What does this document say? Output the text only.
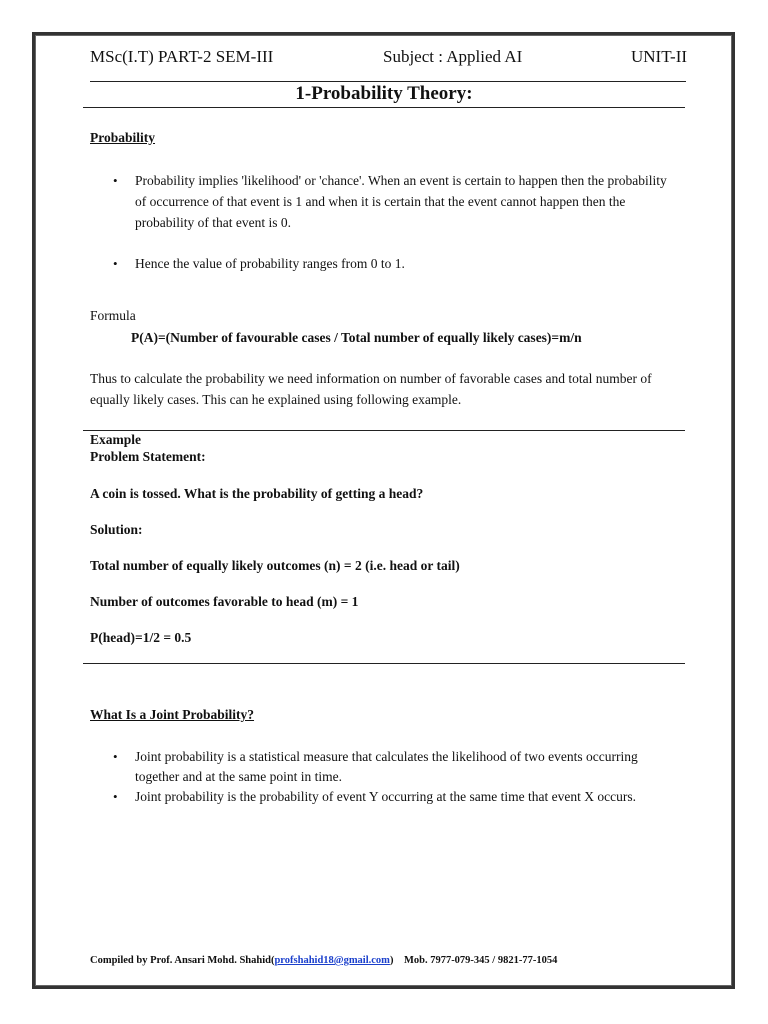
MSc(I.T) PART-2 SEM-III	Subject : Applied AI	UNIT-II
1-Probability Theory:
Probability
• Probability implies 'likelihood' or 'chance'. When an event is certain to happen then the probability of occurrence of that event is 1 and when it is certain that the event cannot happen then the probability of that event is 0.
• Hence the value of probability ranges from 0 to 1.
Formula
P(A)=(Number of favourable cases / Total number of equally likely cases)=m/n
Thus to calculate the probability we need information on number of favorable cases and total number of equally likely cases. This can he explained using following example.
Example
Problem Statement:
A coin is tossed. What is the probability of getting a head?
Solution:
Total number of equally likely outcomes (n) = 2 (i.e. head or tail)
Number of outcomes favorable to head (m) = 1
P(head)=1/2 = 0.5
What Is a Joint Probability?
• Joint probability is a statistical measure that calculates the likelihood of two events occurring together and at the same point in time.
• Joint probability is the probability of event Y occurring at the same time that event X occurs.
Compiled by Prof. Ansari Mohd. Shahid(profshahid18@gmail.com) Mob. 7977-079-345 / 9821-77-1054
